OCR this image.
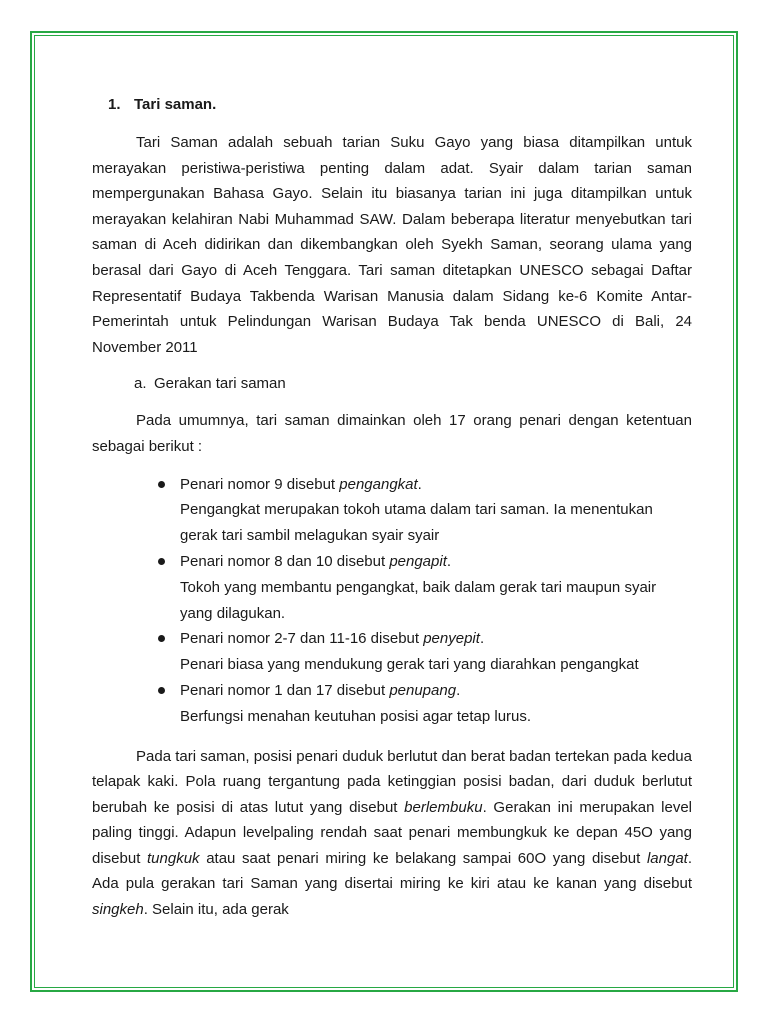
1. Tari saman.

Tari Saman adalah sebuah tarian Suku Gayo yang biasa ditampilkan untuk merayakan peristiwa-peristiwa penting dalam adat. Syair dalam tarian saman mempergunakan Bahasa Gayo. Selain itu biasanya tarian ini juga ditampilkan untuk merayakan kelahiran Nabi Muhammad SAW. Dalam beberapa literatur menyebutkan tari saman di Aceh didirikan dan dikembangkan oleh Syekh Saman, seorang ulama yang berasal dari Gayo di Aceh Tenggara. Tari saman ditetapkan UNESCO sebagai Daftar Representatif Budaya Takbenda Warisan Manusia dalam Sidang ke-6 Komite Antar-Pemerintah untuk Pelindungan Warisan Budaya Tak benda UNESCO di Bali, 24 November 2011

a. Gerakan tari saman

Pada umumnya, tari saman dimainkan oleh 17 orang penari dengan ketentuan sebagai berikut :

Penari nomor 9 disebut pengangkat.
Pengangkat merupakan tokoh utama dalam tari saman. Ia menentukan gerak tari sambil melagukan syair syair
Penari nomor 8 dan 10 disebut pengapit.
Tokoh yang membantu pengangkat, baik dalam gerak tari maupun syair yang dilagukan.
Penari nomor 2-7 dan 11-16 disebut penyepit.
Penari biasa yang mendukung gerak tari yang diarahkan pengangkat
Penari nomor 1 dan 17 disebut penupang.
Berfungsi menahan keutuhan posisi agar tetap lurus.

Pada tari saman, posisi penari duduk berlutut dan berat badan tertekan pada kedua telapak kaki. Pola ruang tergantung pada ketinggian posisi badan, dari duduk berlutut berubah ke posisi di atas lutut yang disebut berlembuku. Gerakan ini merupakan level paling tinggi. Adapun levelpaling rendah saat penari membungkuk ke depan 45O yang disebut tungkuk atau saat penari miring ke belakang sampai 60O yang disebut langat. Ada pula gerakan tari Saman yang disertai miring ke kiri atau ke kanan yang disebut singkeh. Selain itu, ada gerak
